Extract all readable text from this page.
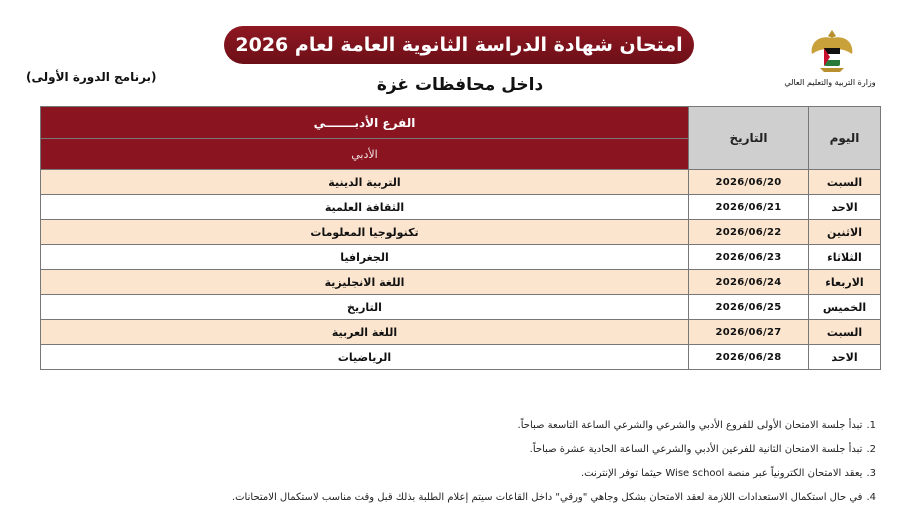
امتحان شهادة الدراسة الثانوية العامة لعام 2026
داخل محافظات غزة
(برنامج الدورة الأولى)	وزارة التربية والتعليم العالي
اليوم	التاريخ	الفرع الأدبـــــــي
		الأدبي
السبت	2026/06/20	التربية الدينية
الاحد	2026/06/21	الثقافة العلمية
الاثنين	2026/06/22	تكنولوجيا المعلومات
الثلاثاء	2026/06/23	الجغرافيا
الاربعاء	2026/06/24	اللغة الانجليزية
الخميس	2026/06/25	التاريخ
السبت	2026/06/27	اللغة العربية
الاحد	2026/06/28	الرياضيات
1.تبدأ جلسة الامتحان الأولى للفروع الأدبي والشرعي والشرعي الساعة التاسعة صباحاً.
2.تبدأ جلسة الامتحان الثانية للفرعين الأدبي والشرعي الساعة الحادية عشرة صباحاً.
3.يعقد الامتحان الكترونياً عبر منصة Wise school حيثما توفر الإنترنت.
4.في حال استكمال الاستعدادات اللازمة لعقد الامتحان بشكل وجاهي "ورقي" داخل القاعات سيتم إعلام الطلبة بذلك قبل وقت مناسب لاستكمال الامتحانات.
